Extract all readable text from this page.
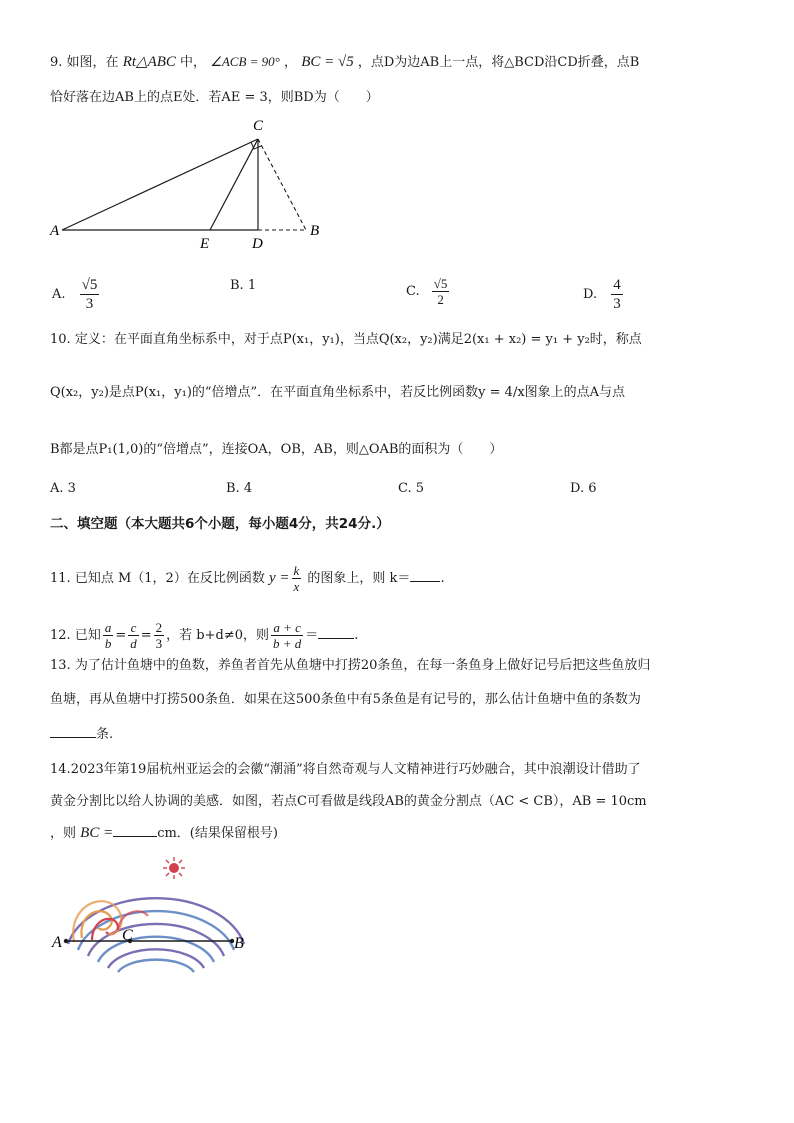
9. 如图，在 Rt△ABC 中， ∠ACB = 90° ， BC = √5 ，点D为边AB上一点，将△BCD沿CD折叠，点B
恰好落在边AB上的点E处．若AE = 3，则BD为（　　）
C
A
E	D
B
A. $\frac{√5}{3}$	B. 1	C. $\frac{√5}{2}$	D. $\frac{4}{3}$
10. 定义：在平面直角坐标系中，对于点P(x₁，y₁)，当点Q(x₂，y₂)满足2(x₁ + x₂) = y₁ + y₂时，称点
Q(x₂，y₂)是点P(x₁，y₁)的“倍增点”．在平面直角坐标系中，若反比例函数y = 4/x图象上的点A与点
B都是点P₁(1,0)的“倍增点”，连接OA，OB，AB，则△OAB的面积为（　　）
A. 3	B. 4	C. 5	D. 6
二、填空题（本大题共6个小题，每小题4分，共24分.）
11. 已知点 M（1，2）在反比例函数 $y = \frac{k}{x}$ 的图象上，则 k＝ .
12. 已知 $\frac{a}{b} = \frac{c}{d} = \frac{2}{3}$ ，若 b+d≠0，则 $\frac{a + c}{b + d}$ ＝	.
13. 为了估计鱼塘中的鱼数，养鱼者首先从鱼塘中打捞20条鱼，在每一条鱼身上做好记号后把这些鱼放归
鱼塘，再从鱼塘中打捞500条鱼．如果在这500条鱼中有5条鱼是有记号的，那么估计鱼塘中鱼的条数为
条.
14.2023年第19届杭州亚运会的会徽“潮涌”将自然奇观与人文精神进行巧妙融合，其中浪潮设计借助了
黄金分割比以给人协调的美感．如图，若点C可看做是线段AB的黄金分割点（AC < CB），AB = 10cm
，则 BC =	cm．(结果保留根号)
A	C	B
